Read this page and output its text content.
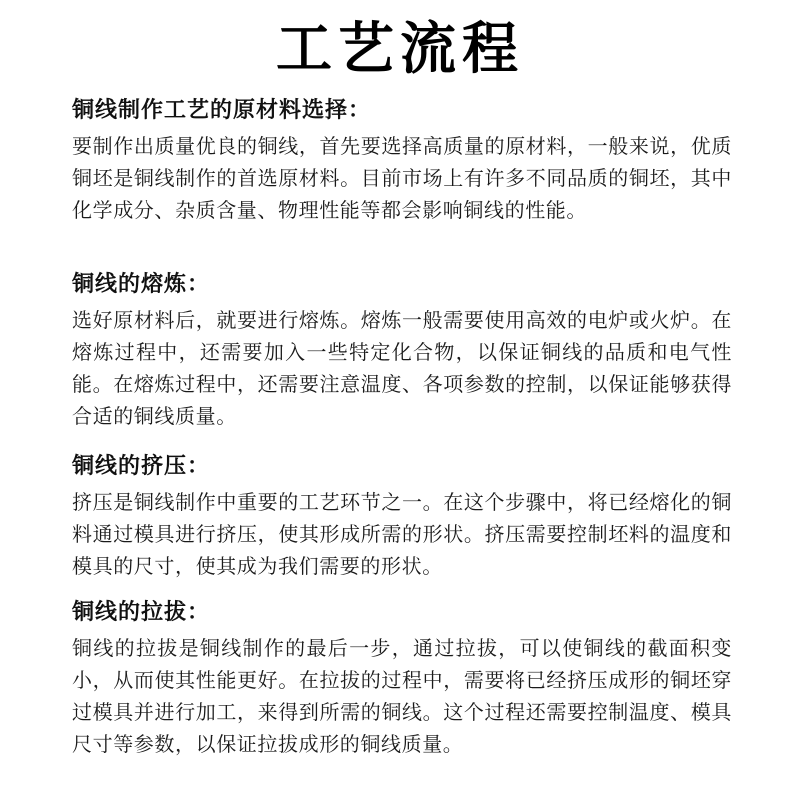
工艺流程
铜线制作工艺的原材料选择：

要制作出质量优良的铜线，首先要选择高质量的原材料，一般来说，优质铜坯是铜线制作的首选原材料。目前市场上有许多不同品质的铜坯，其中化学成分、杂质含量、物理性能等都会影响铜线的性能。

铜线的熔炼：

选好原材料后，就要进行熔炼。熔炼一般需要使用高效的电炉或火炉。在熔炼过程中，还需要加入一些特定化合物，以保证铜线的品质和电气性能。在熔炼过程中，还需要注意温度、各项参数的控制，以保证能够获得合适的铜线质量。

铜线的挤压：

挤压是铜线制作中重要的工艺环节之一。在这个步骤中，将已经熔化的铜料通过模具进行挤压，使其形成所需的形状。挤压需要控制坯料的温度和模具的尺寸，使其成为我们需要的形状。

铜线的拉拔：

铜线的拉拔是铜线制作的最后一步，通过拉拔，可以使铜线的截面积变小，从而使其性能更好。在拉拔的过程中，需要将已经挤压成形的铜坯穿过模具并进行加工，来得到所需的铜线。这个过程还需要控制温度、模具尺寸等参数，以保证拉拔成形的铜线质量。
